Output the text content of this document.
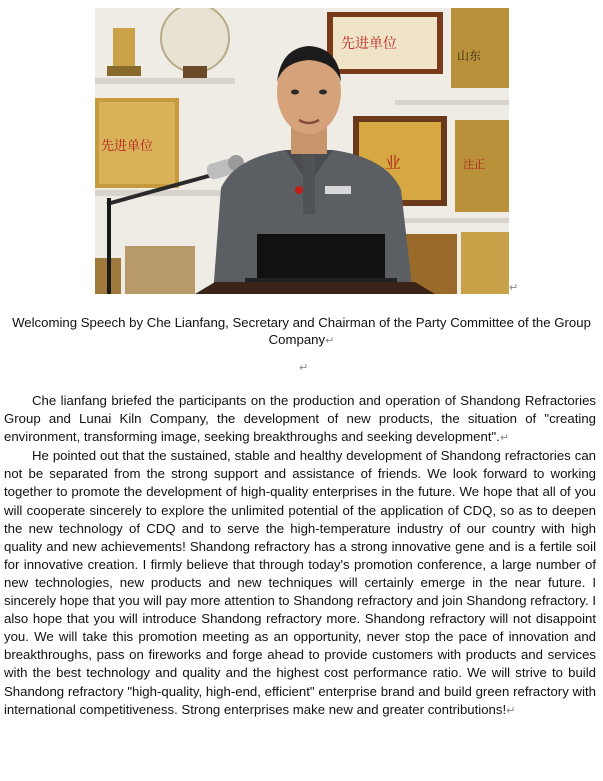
先进单位
山东
先进单位
业	注正
↵
Welcoming Speech by Che Lianfang, Secretary and Chairman of the Party Committee of the Group Company↵
↵

Che lianfang briefed the participants on the production and operation of Shandong Refractories Group and Lunai Kiln Company, the development of new products, the situation of "creating environment, transforming image, seeking breakthroughs and seeking development".↵

He pointed out that the sustained, stable and healthy development of Shandong refractories can not be separated from the strong support and assistance of friends. We look forward to working together to promote the development of high-quality enterprises in the future. We hope that all of you will cooperate sincerely to explore the unlimited potential of the application of CDQ, so as to deepen the new technology of CDQ and to serve the high-temperature industry of our country with high quality and new achievements! Shandong refractory has a strong innovative gene and is a fertile soil for innovative creation. I firmly believe that through today's promotion conference, a large number of new technologies, new products and new techniques will certainly emerge in the near future. I sincerely hope that you will pay more attention to Shandong refractory and join Shandong refractory. I also hope that you will introduce Shandong refractory more. Shandong refractory will not disappoint you. We will take this promotion meeting as an opportunity, never stop the pace of innovation and breakthroughs, pass on fireworks and forge ahead to provide customers with products and services with the best technology and quality and the highest cost performance ratio. We will strive to build Shandong refractory "high-quality, high-end, efficient" enterprise brand and build green refractory with international competitiveness. Strong enterprises make new and greater contributions!↵
